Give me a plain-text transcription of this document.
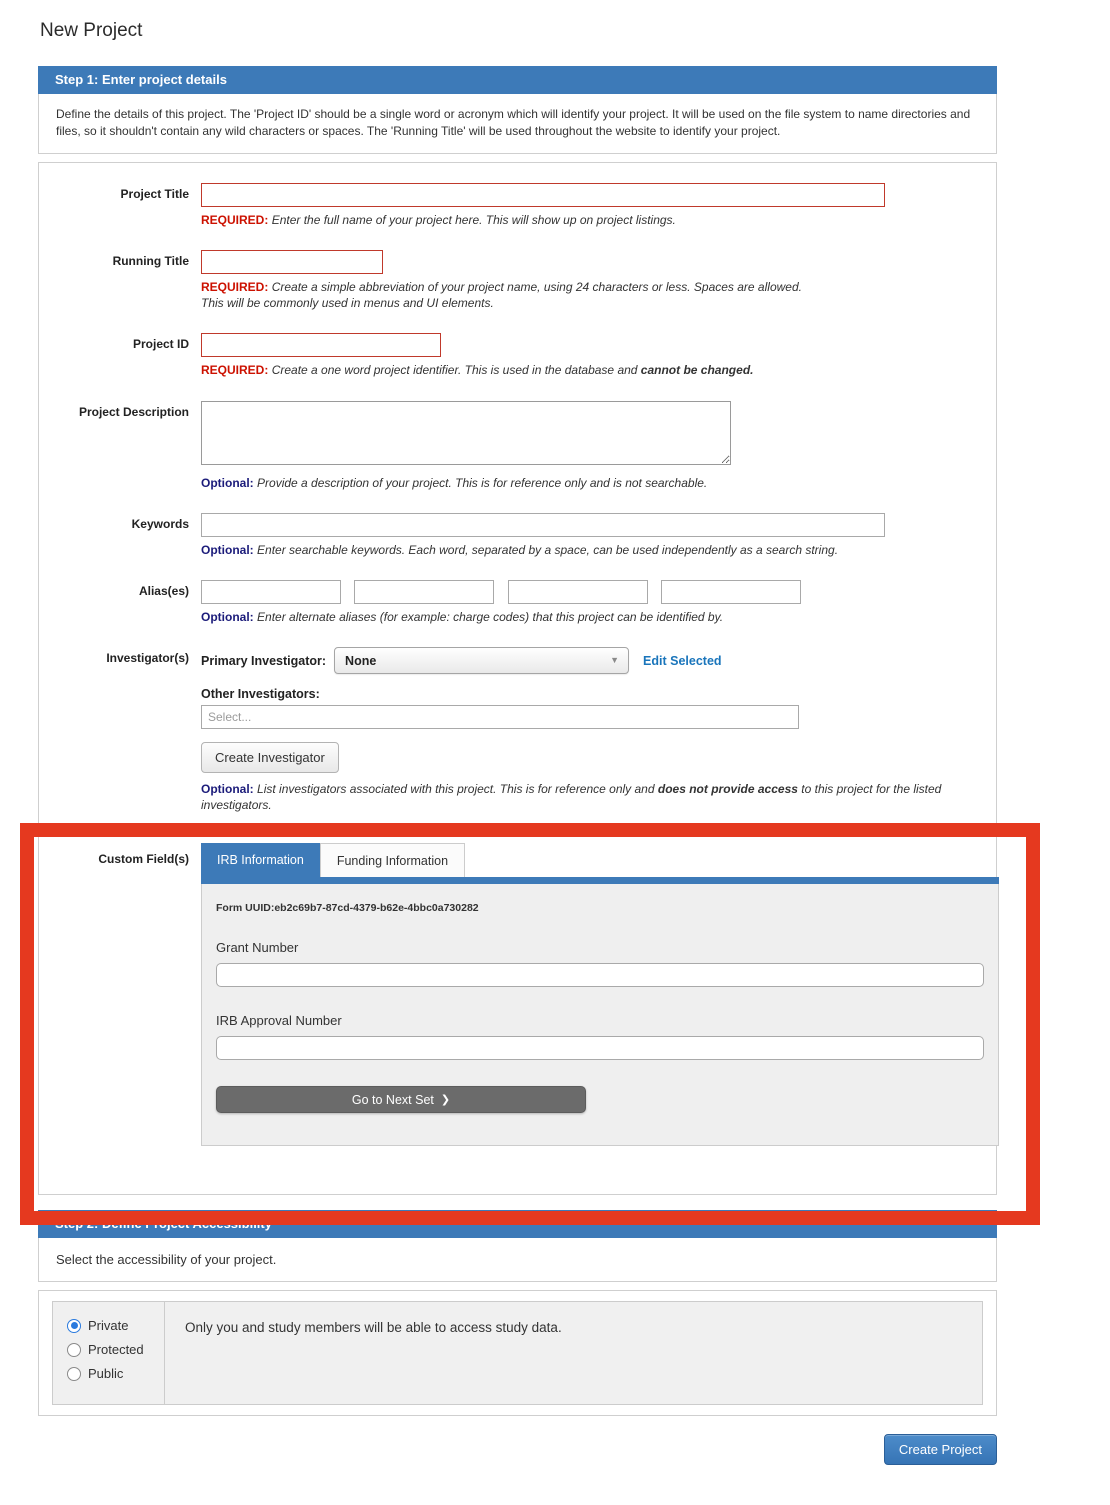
New Project
Step 1: Enter project details
Define the details of this project. The 'Project ID' should be a single word or acronym which will identify your project. It will be used on the file system to name directories and files, so it shouldn't contain any wild characters or spaces. The 'Running Title' will be used throughout the website to identify your project.
Project Title
REQUIRED: Enter the full name of your project here. This will show up on project listings.
Running Title
REQUIRED: Create a simple abbreviation of your project name, using 24 characters or less. Spaces are allowed.
This will be commonly used in menus and UI elements.
Project ID
REQUIRED: Create a one word project identifier. This is used in the database and cannot be changed.
Project Description
Optional: Provide a description of your project. This is for reference only and is not searchable.
Keywords
Optional: Enter searchable keywords. Each word, separated by a space, can be used independently as a search string.
Alias(es)

Optional: Enter alternate aliases (for example: charge codes) that this project can be identified by.
Investigator(s) Primary Investigator: None	▼ Edit Selected
Other Investigators:
Select...
Create Investigator
Optional: List investigators associated with this project. This is for reference only and does not provide access to this project for the listed investigators.
Custom Field(s)	IRB Information	Funding Information
Form UUID:eb2c69b7-87cd-4379-b62e-4bbc0a730282
Grant Number
IRB Approval Number
Go to Next Set ❯
Step 2: Define Project Accessibility
Select the accessibility of your project.
Private
Protected
Public
Only you and study members will be able to access study data.
Create Project
